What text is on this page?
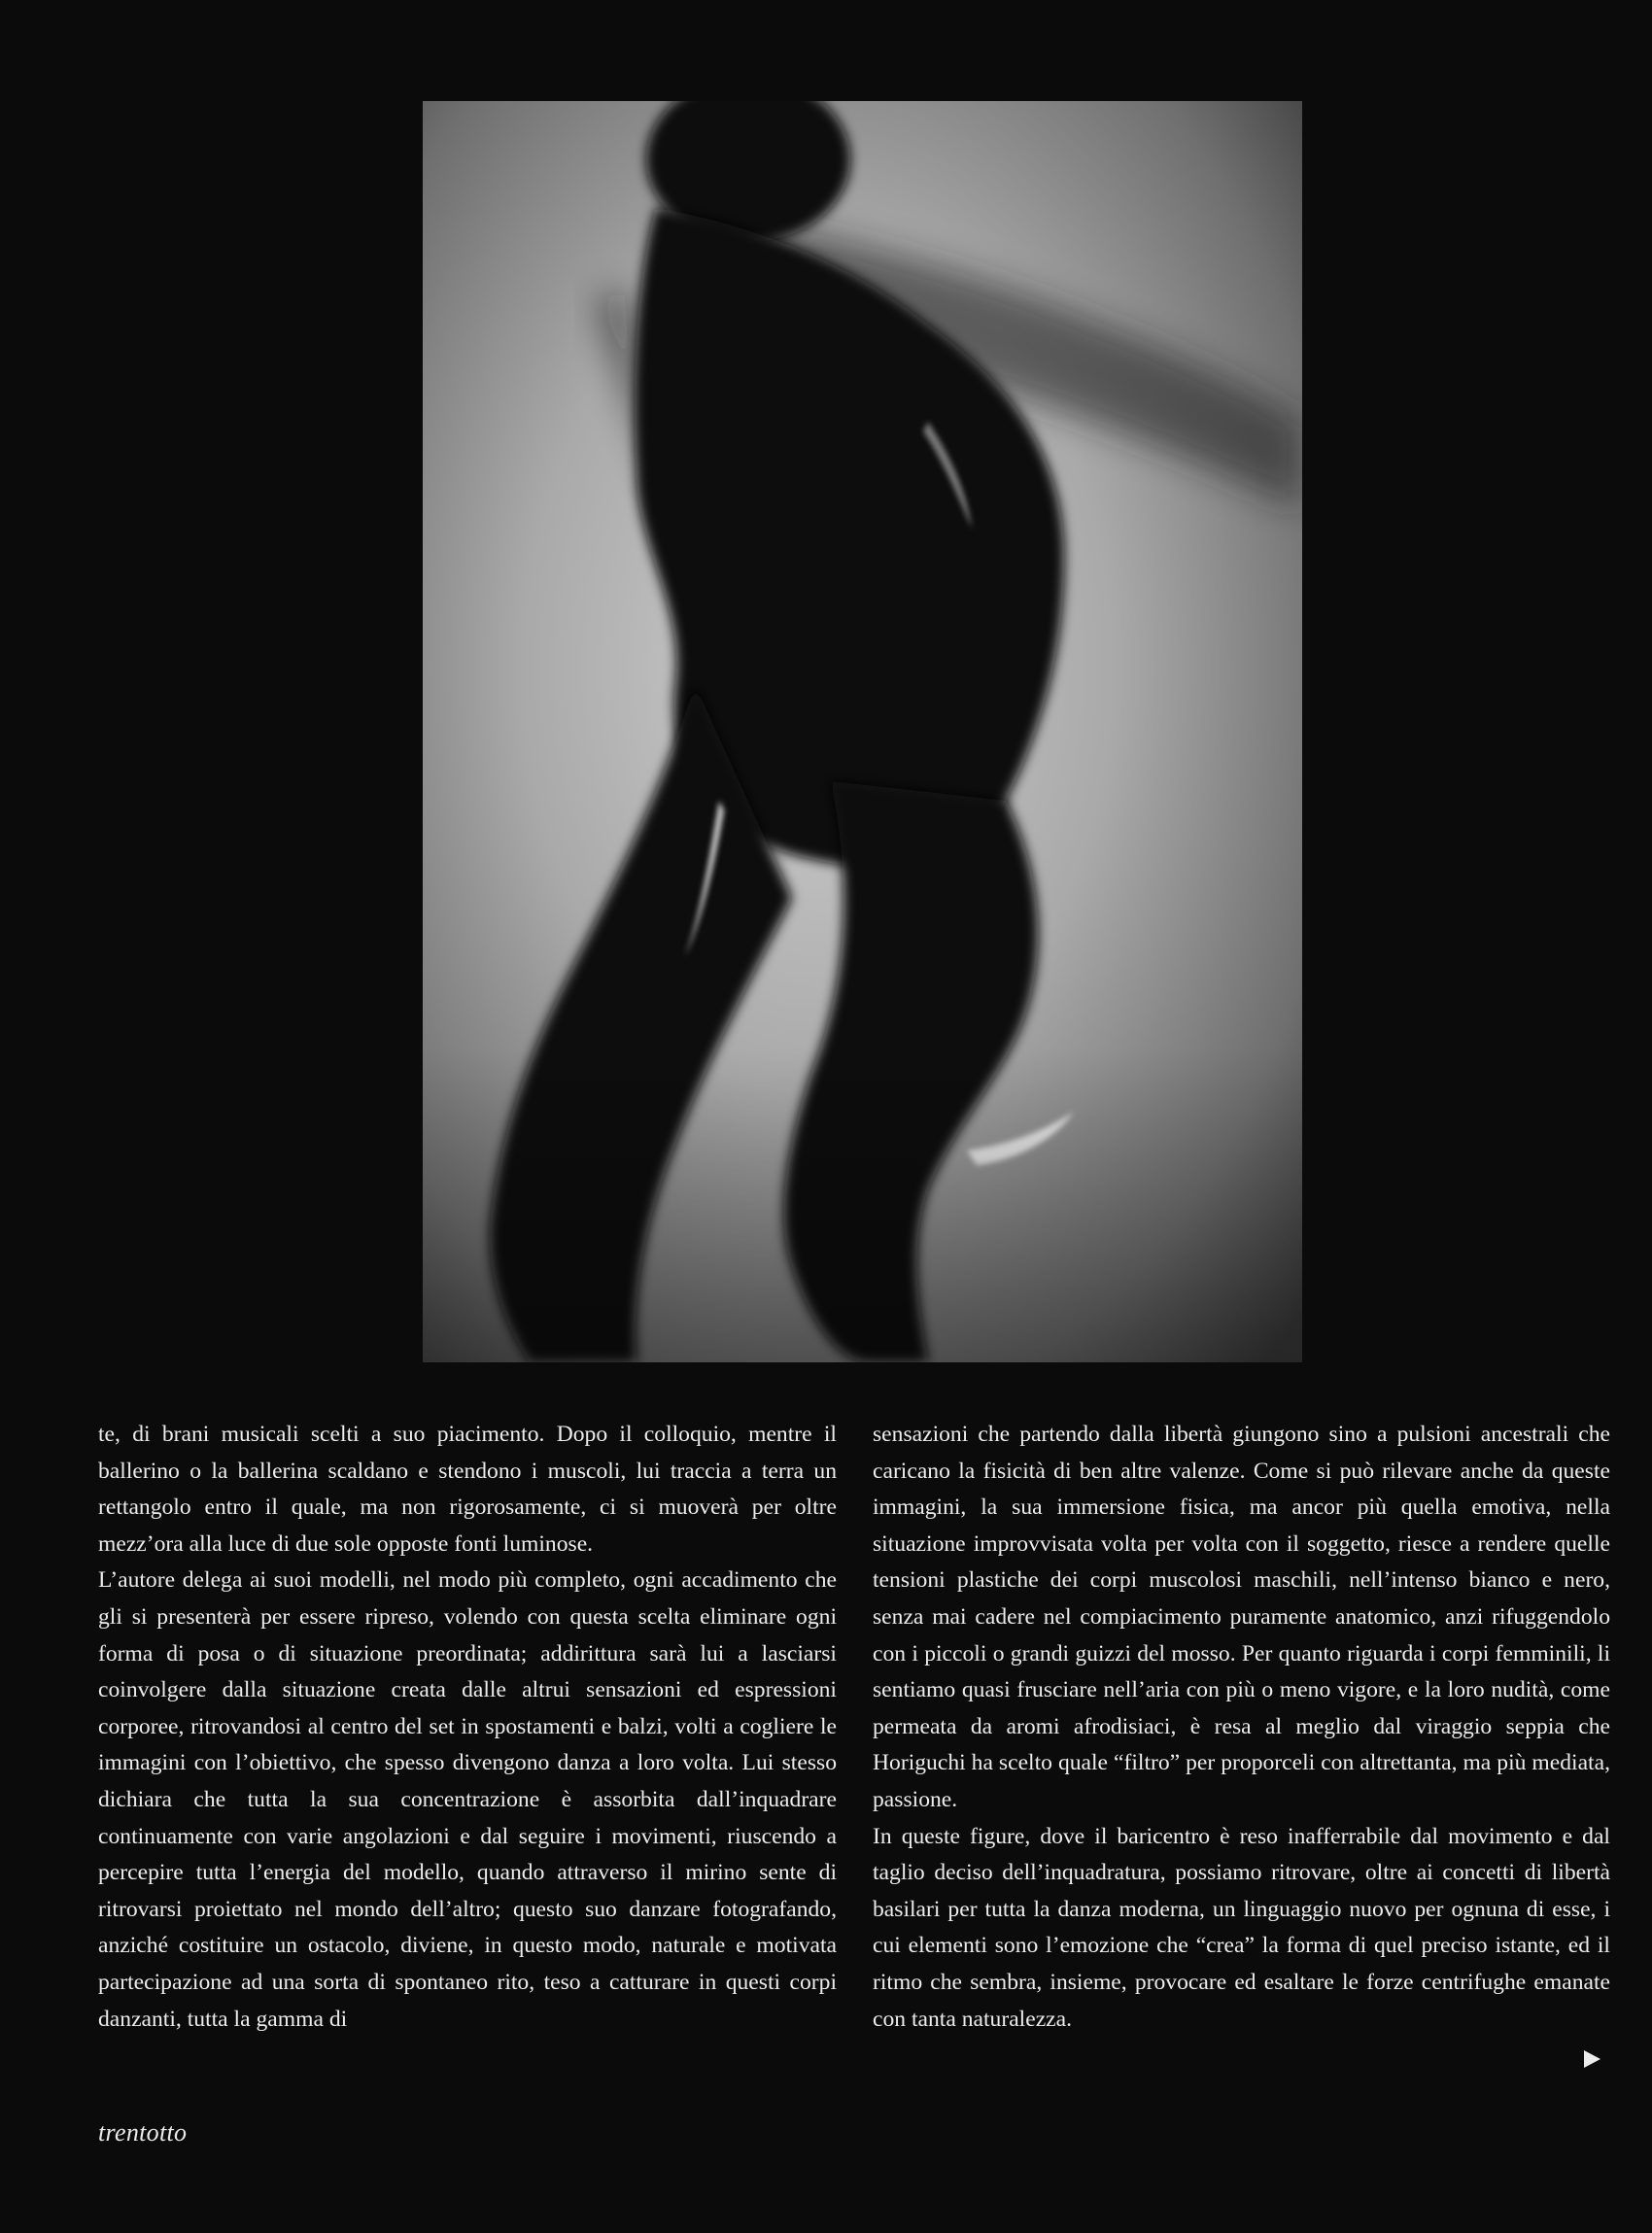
te, di brani musicali scelti a suo piacimento. Dopo il colloquio, mentre il ballerino o la ballerina scaldano e stendono i muscoli, lui traccia a terra un rettangolo entro il quale, ma non rigorosamente, ci si muoverà per oltre mezz’ora alla luce di due sole opposte fonti luminose.

L’autore delega ai suoi modelli, nel modo più completo, ogni accadimento che gli si presenterà per essere ripreso, volendo con questa scelta eliminare ogni forma di posa o di situazione preordinata; addirittura sarà lui a lasciarsi coinvolgere dalla situazione creata dalle altrui sensazioni ed espressioni corporee, ritrovandosi al centro del set in spostamenti e balzi, volti a cogliere le immagini con l’obiettivo, che spesso divengono danza a loro volta. Lui stesso dichiara che tutta la sua concentrazione è assorbita dall’inquadrare continuamente con varie angolazioni e dal seguire i movimenti, riuscendo a percepire tutta l’energia del modello, quando attraverso il mirino sente di ritrovarsi proiettato nel mondo dell’altro; questo suo danzare fotografando, anziché costituire un ostacolo, diviene, in questo modo, naturale e motivata partecipazione ad una sorta di spontaneo rito, teso a catturare in questi corpi danzanti, tutta la gamma di

sensazioni che partendo dalla libertà giungono sino a pulsioni ancestrali che caricano la fisicità di ben altre valenze. Come si può rilevare anche da queste immagini, la sua immersione fisica, ma ancor più quella emotiva, nella situazione improvvisata volta per volta con il soggetto, riesce a rendere quelle tensioni plastiche dei corpi muscolosi maschili, nell’intenso bianco e nero, senza mai cadere nel compiacimento puramente anatomico, anzi rifuggendolo con i piccoli o grandi guizzi del mosso. Per quanto riguarda i corpi femminili, li sentiamo quasi frusciare nell’aria con più o meno vigore, e la loro nudità, come permeata da aromi afrodisiaci, è resa al meglio dal viraggio seppia che Horiguchi ha scelto quale “filtro” per proporceli con altrettanta, ma più mediata, passione.

In queste figure, dove il baricentro è reso inafferrabile dal movimento e dal taglio deciso dell’inquadratura, possiamo ritrovare, oltre ai concetti di libertà basilari per tutta la danza moderna, un linguaggio nuovo per ognuna di esse, i cui elementi sono l’emozione che “crea” la forma di quel preciso istante, ed il ritmo che sembra, insieme, provocare ed esaltare le forze centrifughe emanate con tanta naturalezza.

trentotto
